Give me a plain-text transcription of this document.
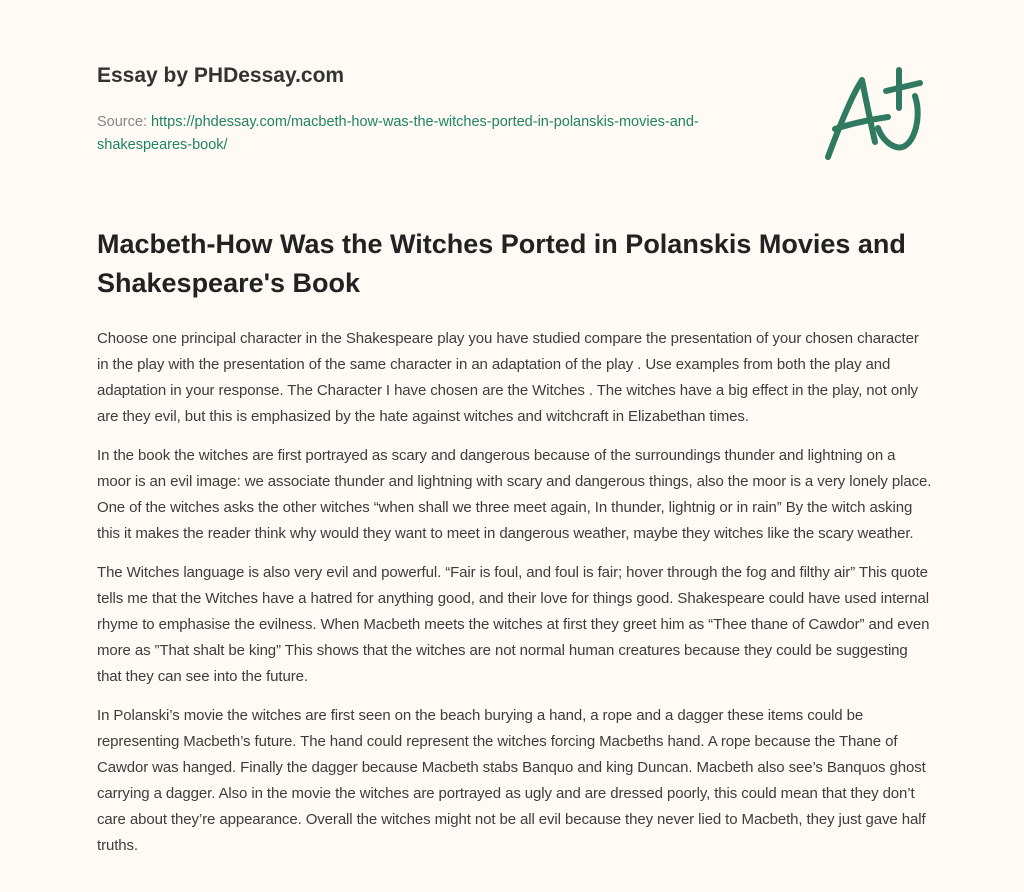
Essay by PHDessay.com
Source: https://phdessay.com/macbeth-how-was-the-witches-ported-in-polanskis-movies-and-shakespeares-book/
Macbeth-How Was the Witches Ported in Polanskis Movies and Shakespeare's Book

Choose one principal character in the Shakespeare play you have studied compare the presentation of your chosen character in the play with the presentation of the same character in an adaptation of the play . Use examples from both the play and adaptation in your response. The Character I have chosen are the Witches . The witches have a big effect in the play, not only are they evil, but this is emphasized by the hate against witches and witchcraft in Elizabethan times.

In the book the witches are first portrayed as scary and dangerous because of the surroundings thunder and lightning on a moor is an evil image: we associate thunder and lightning with scary and dangerous things, also the moor is a very lonely place. One of the witches asks the other witches “when shall we three meet again, In thunder, lightnig or in rain” By the witch asking this it makes the reader think why would they want to meet in dangerous weather, maybe they witches like the scary weather.

The Witches language is also very evil and powerful. “Fair is foul, and foul is fair; hover through the fog and filthy air” This quote tells me that the Witches have a hatred for anything good, and their love for things good. Shakespeare could have used internal rhyme to emphasise the evilness. When Macbeth meets the witches at first they greet him as “Thee thane of Cawdor” and even more as ”That shalt be king” This shows that the witches are not normal human creatures because they could be suggesting that they can see into the future.

In Polanski’s movie the witches are first seen on the beach burying a hand, a rope and a dagger these items could be representing Macbeth’s future. The hand could represent the witches forcing Macbeths hand. A rope because the Thane of Cawdor was hanged. Finally the dagger because Macbeth stabs Banquo and king Duncan. Macbeth also see’s Banquos ghost carrying a dagger. Also in the movie the witches are portrayed as ugly and are dressed poorly, this could mean that they don’t care about they’re appearance. Overall the witches might not be all evil because they never lied to Macbeth, they just gave half truths.
